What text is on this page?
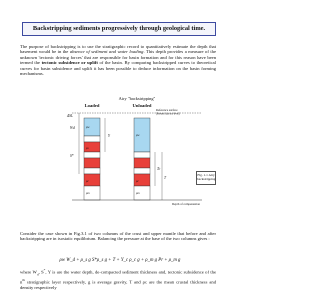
Backstripping sediments progressively through geological time.
The purpose of backstripping is to use the stratigraphic record to quantitatively estimate the depth that basement would be in the absence of sediment and water loading. This depth provides a measure of the unknown 'tectonic driving forces' that are responsible for basin formation and for this reason have been termed the tectonic subsidence or uplift of the basin. By comparing backstripped curves to theoretical curves for basin subsidence and uplift it has been possible to deduce information on the basin forming mechanisms.
Airy "backstripping"
Loaded	Unloaded
Reference surface
(Present day sea-level)
Depth of compensation
ΔSL
Wd
S*
Y
Tc
T
ρw
ρs
ρc
ρm
ρw
ρc
ρm
Fig. 1.1 Airy backstripping
Consider the case shown in Fig.3.1 of two columns of the crust and upper mantle that before and after backstripping are in isostatic equilibrium. Balancing the pressure at the base of the two columns gives :
ρw W_d + ρ_s g S*ρ_s g + T + Y_c ρ_c g + ρ_m g Pr + ρ_m g
where $W_d$, S*, Y is are the water depth, de-compacted sediment thickness and, tectonic subsidence of the $n^{th}$ stratigraphic layer respectively, g is average gravity, T and ρc are the mean crustal thickness and density respectively
